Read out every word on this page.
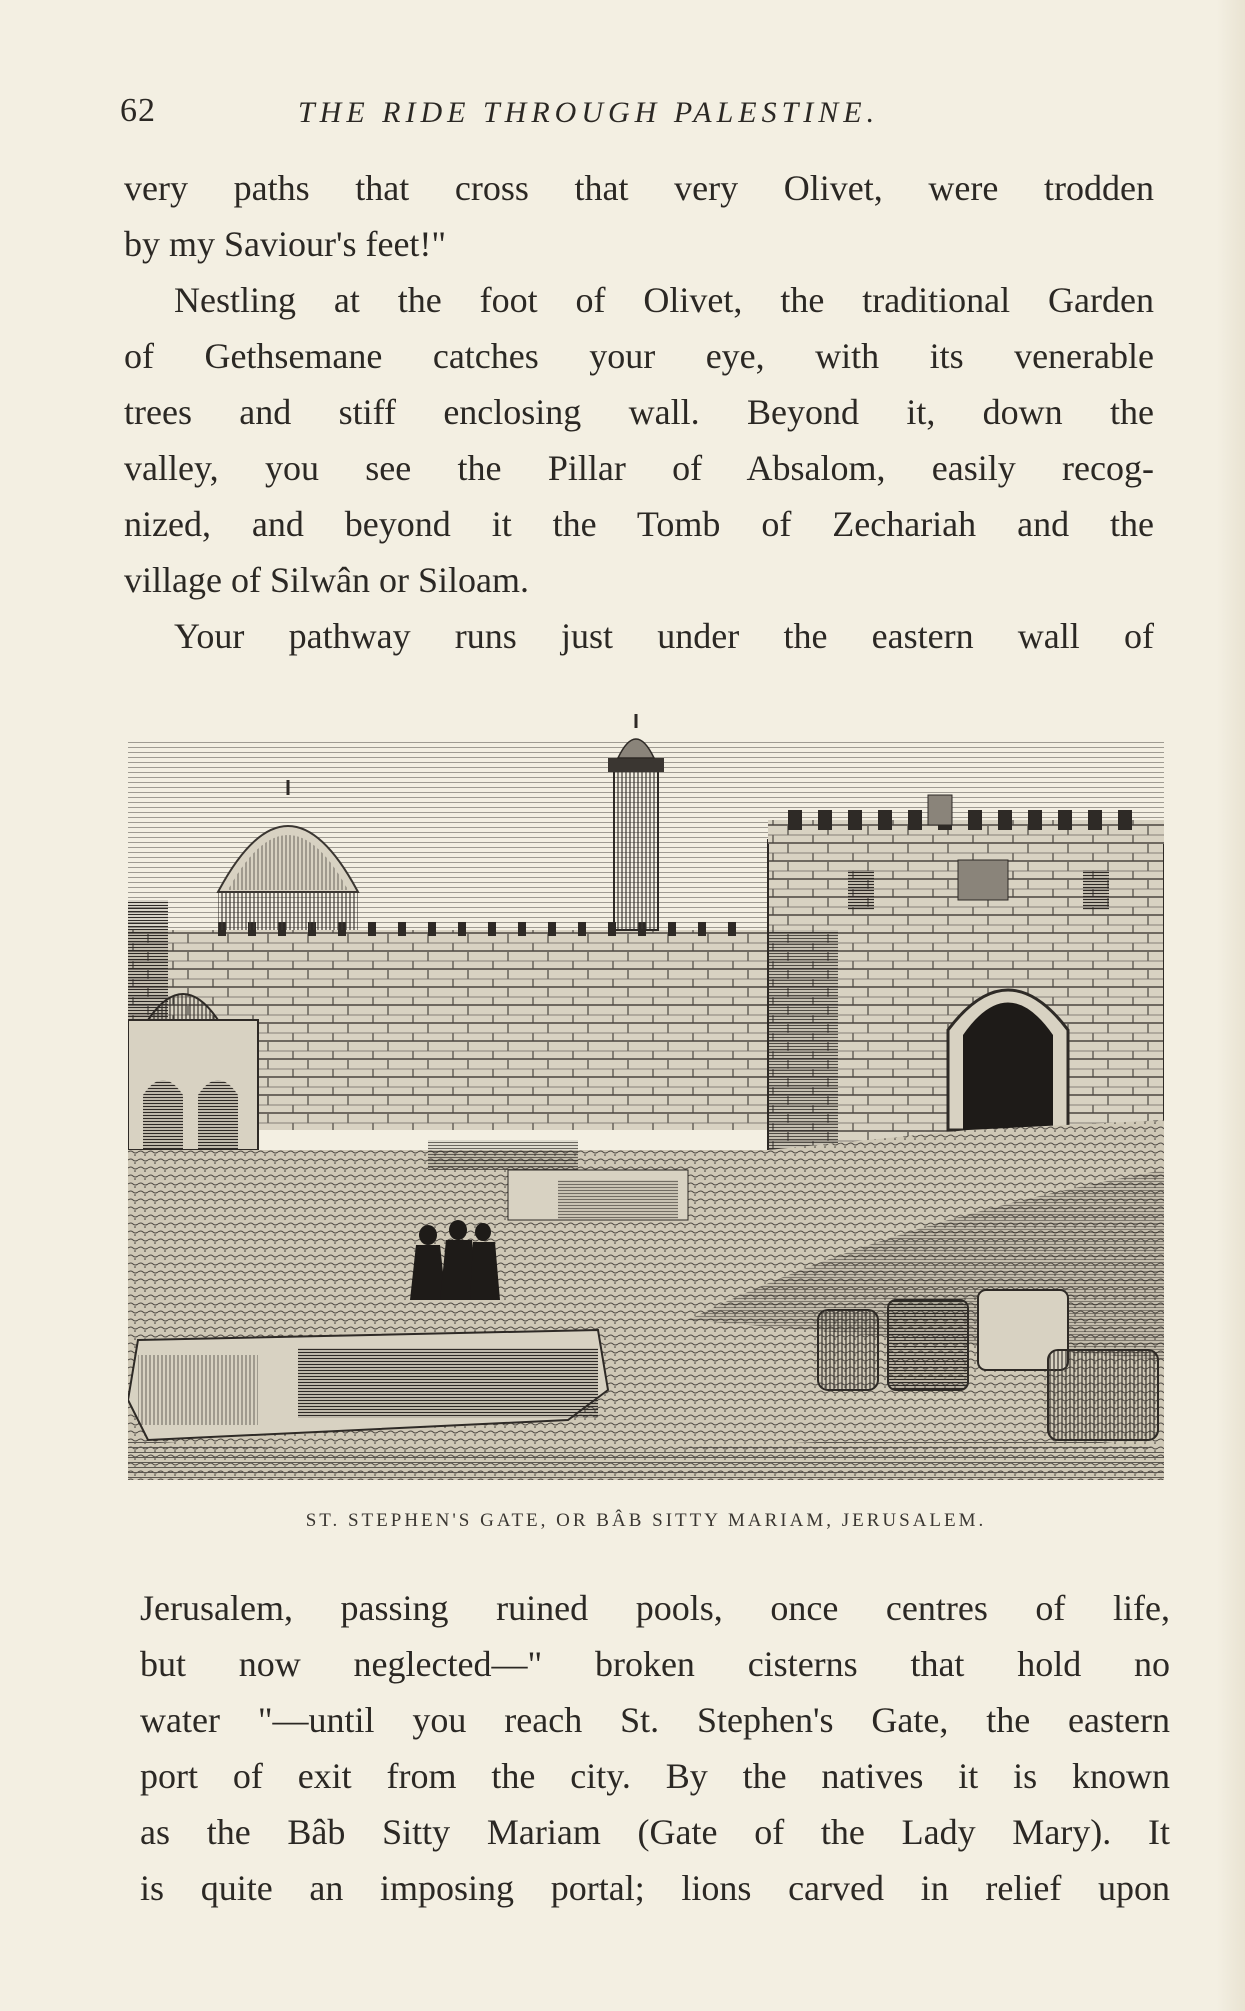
62	THE RIDE THROUGH PALESTINE.
very paths that cross that very Olivet, were trodden
by my Saviour's feet!"
Nestling at the foot of Olivet, the traditional Garden
of Gethsemane catches your eye, with its venerable
trees and stiff enclosing wall. Beyond it, down the
valley, you see the Pillar of Absalom, easily recog-
nized, and beyond it the Tomb of Zechariah and the
village of Silwân or Siloam.
Your pathway runs just under the eastern wall of
ST. STEPHEN'S GATE, OR BÂB SITTY MARIAM, JERUSALEM.
Jerusalem, passing ruined pools, once centres of life,
but now neglected—" broken cisterns that hold no
water "—until you reach St. Stephen's Gate, the eastern
port of exit from the city. By the natives it is known
as the Bâb Sitty Mariam (Gate of the Lady Mary). It
is quite an imposing portal; lions carved in relief upon
